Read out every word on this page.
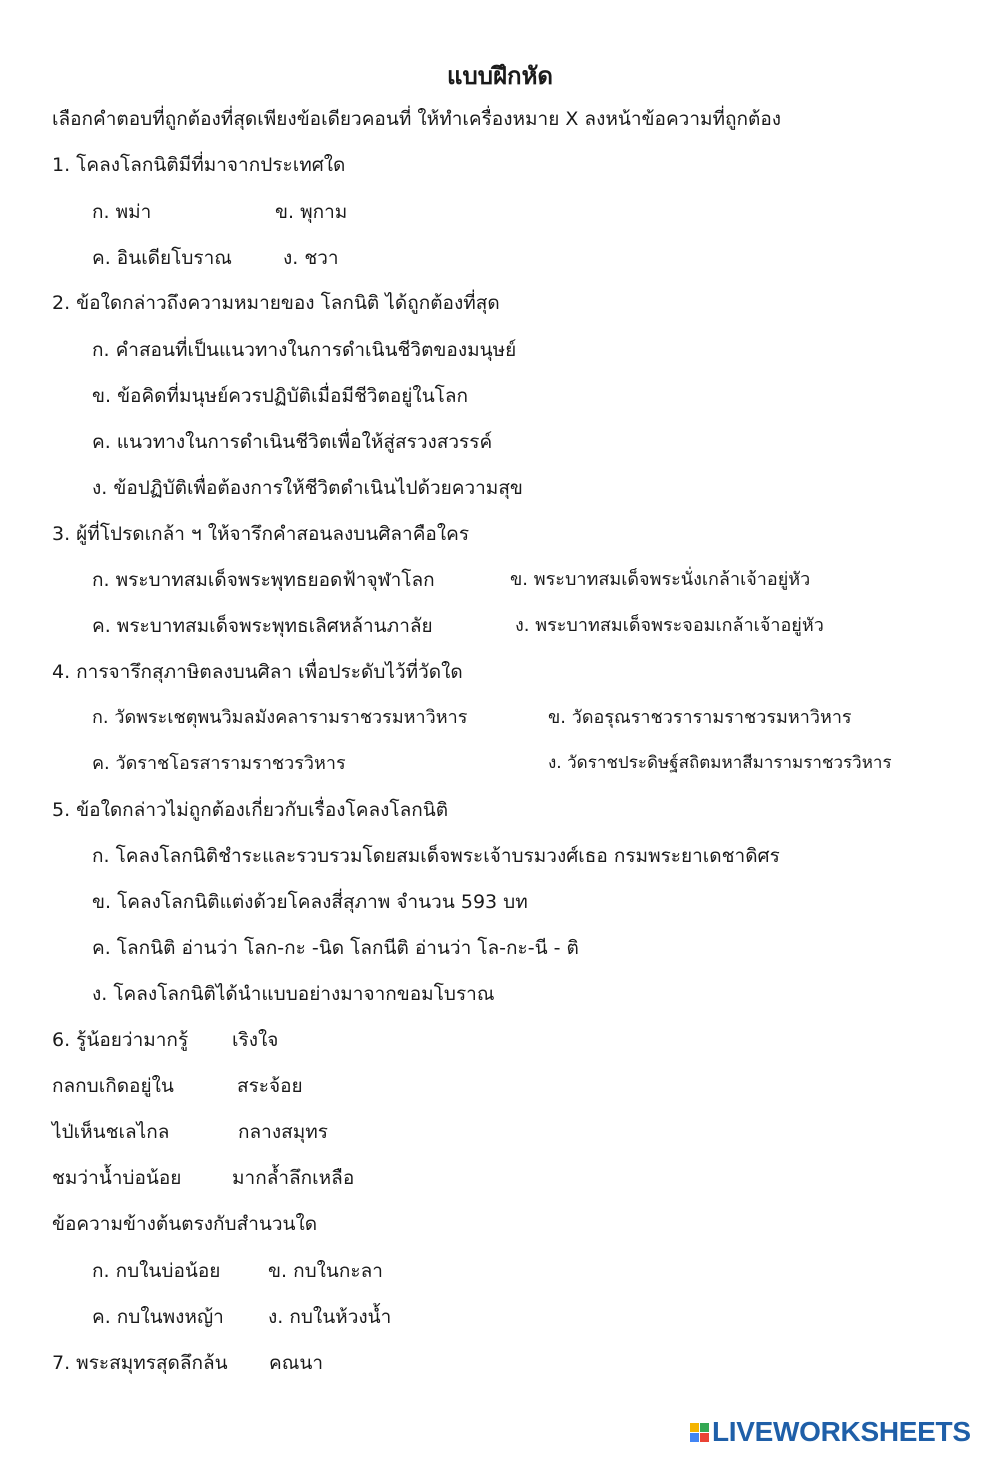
แบบฝึกหัด
เลือกคำตอบที่ถูกต้องที่สุดเพียงข้อเดียวคอนที่ ให้ทำเครื่องหมาย X ลงหน้าข้อความที่ถูกต้อง
1. โคลงโลกนิติมีที่มาจากประเทศใด
ก. พม่า	ข. พุกาม
ค. อินเดียโบราณ	ง. ชวา
2. ข้อใดกล่าวถึงความหมายของ โลกนิติ ได้ถูกต้องที่สุด
ก. คำสอนที่เป็นแนวทางในการดำเนินชีวิตของมนุษย์
ข. ข้อคิดที่มนุษย์ควรปฏิบัติเมื่อมีชีวิตอยู่ในโลก
ค. แนวทางในการดำเนินชีวิตเพื่อให้สู่สรวงสวรรค์
ง. ข้อปฏิบัติเพื่อต้องการให้ชีวิตดำเนินไปด้วยความสุข
3. ผู้ที่โปรดเกล้า ฯ ให้จารึกคำสอนลงบนศิลาคือใคร
ก. พระบาทสมเด็จพระพุทธยอดฟ้าจุฬาโลก	ข. พระบาทสมเด็จพระนั่งเกล้าเจ้าอยู่หัว
ค. พระบาทสมเด็จพระพุทธเลิศหล้านภาลัย	ง. พระบาทสมเด็จพระจอมเกล้าเจ้าอยู่หัว
4. การจารึกสุภาษิตลงบนศิลา เพื่อประดับไว้ที่วัดใด
ก. วัดพระเชตุพนวิมลมังคลารามราชวรมหาวิหาร	ข. วัดอรุณราชวรารามราชวรมหาวิหาร
ค. วัดราชโอรสารามราชวรวิหาร	ง. วัดราชประดิษฐ์สถิตมหาสีมารามราชวรวิหาร
5. ข้อใดกล่าวไม่ถูกต้องเกี่ยวกับเรื่องโคลงโลกนิติ
ก. โคลงโลกนิติชำระและรวบรวมโดยสมเด็จพระเจ้าบรมวงศ์เธอ กรมพระยาเดชาดิศร
ข. โคลงโลกนิติแต่งด้วยโคลงสี่สุภาพ จำนวน 593 บท
ค. โลกนิติ อ่านว่า โลก-กะ -นิด โลกนีติ อ่านว่า โล-กะ-นี - ติ
ง. โคลงโลกนิติได้นำแบบอย่างมาจากขอมโบราณ
6. รู้น้อยว่ามากรู้ เริงใจ
กลกบเกิดอยู่ใน	สระจ้อย
ไป่เห็นชเลไกล	กลางสมุทร
ชมว่าน้ำบ่อน้อย	มากล้ำลึกเหลือ
ข้อความข้างต้นตรงกับสำนวนใด
ก. กบในบ่อน้อย	ข. กบในกะลา
ค. กบในพงหญ้า ง. กบในห้วงน้ำ
7. พระสมุทรสุดลึกล้น คณนา
LIVEWORKSHEETS
